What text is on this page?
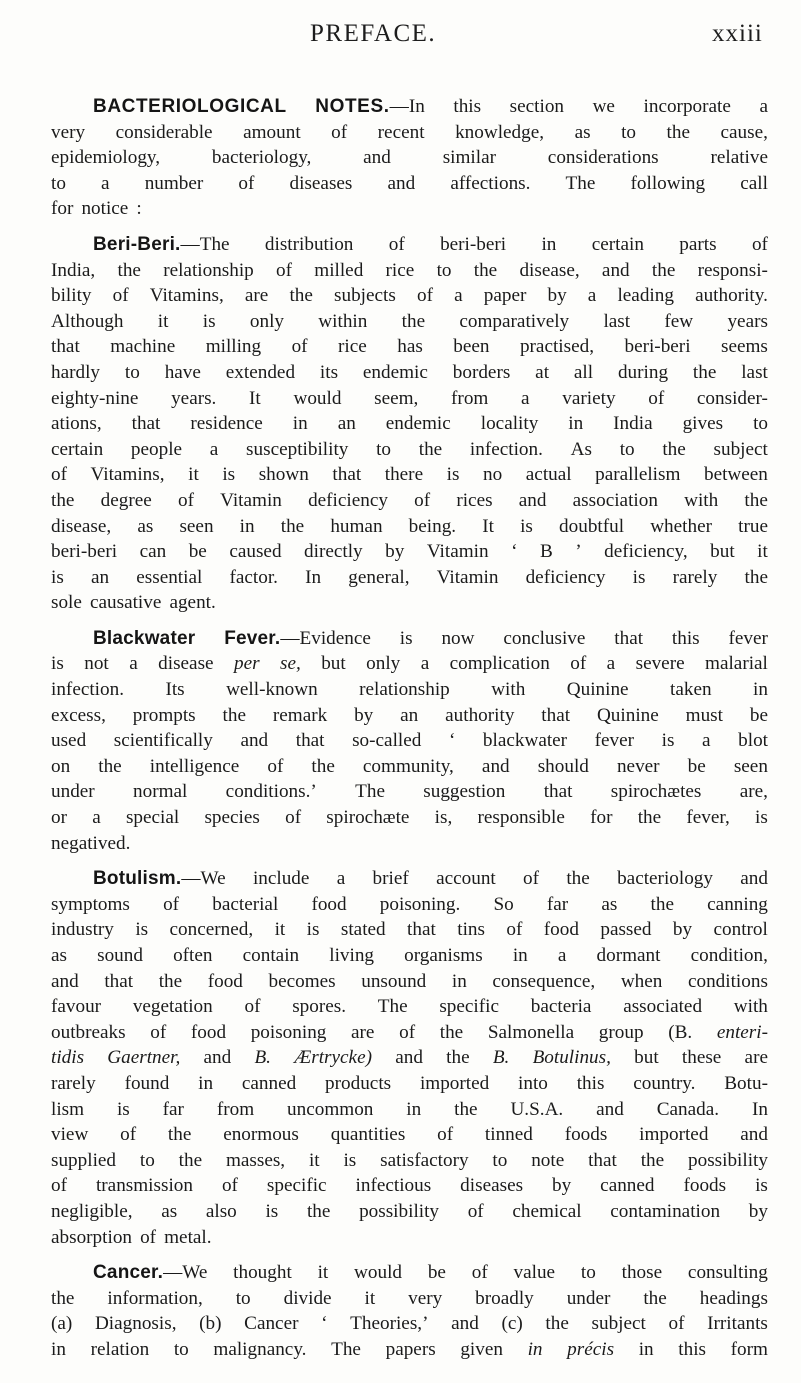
PREFACE.	xxiii
BACTERIOLOGICAL NOTES.—In this section we incorporate a
very considerable amount of recent knowledge, as to the cause,
epidemiology,	bacteriology,	and	similar	considerations	relative
to a number of diseases and affections. The following call
for notice :
Beri-Beri.—The distribution of beri-beri in certain parts of
India, the relationship of milled rice to the disease, and the responsi-
bility of Vitamins, are the subjects of a paper by a leading authority.
Although it is only within the comparatively last few years
that machine milling of rice has been practised, beri-beri seems
hardly to have extended its endemic borders at all during the last
eighty-nine years. It would seem, from a variety of consider-
ations, that residence in an endemic locality in India gives to
certain people a susceptibility to the infection. As to the subject
of Vitamins, it is shown that there is no actual parallelism between
the degree of Vitamin deficiency of rices and association with the
disease, as seen in the human being. It is doubtful whether true
beri-beri can be caused directly by Vitamin ‘ B ’ deficiency, but it
is an essential factor. In general, Vitamin deficiency is rarely the
sole causative agent.
Blackwater Fever.—Evidence is now conclusive that this fever
is not a disease per se, but only a complication of a severe malarial
infection. Its well-known relationship with Quinine taken in
excess, prompts the remark by an authority that Quinine must be
used scientifically and that so-called ‘ blackwater fever is a blot
on the intelligence of the community, and should never be seen
under normal conditions.’ The suggestion that spirochætes are,
or a special species of spirochæte is, responsible for the fever, is
negatived.
Botulism.—We include a brief account of the bacteriology and
symptoms of bacterial food poisoning. So far as the canning
industry is concerned, it is stated that tins of food passed by control
as sound often contain living organisms in a dormant condition,
and that the food becomes unsound in consequence, when conditions
favour vegetation of spores. The specific bacteria associated with
outbreaks of food poisoning are of the Salmonella group (B. enteri-
tidis Gaertner, and B. Ærtrycke) and the B. Botulinus, but these are
rarely found in canned products imported into this country. Botu-
lism is far from uncommon in the U.S.A. and Canada. In
view of the enormous quantities of tinned foods imported and
supplied to the masses, it is satisfactory to note that the possibility
of transmission of specific infectious diseases by canned foods is
negligible, as also is the possibility of chemical contamination by
absorption of metal.
Cancer.—We thought it would be of value to those consulting
the information, to divide it very broadly under the headings
(a) Diagnosis, (b) Cancer ‘ Theories,’ and (c) the subject of Irritants
in relation to malignancy. The papers given in précis in this form
